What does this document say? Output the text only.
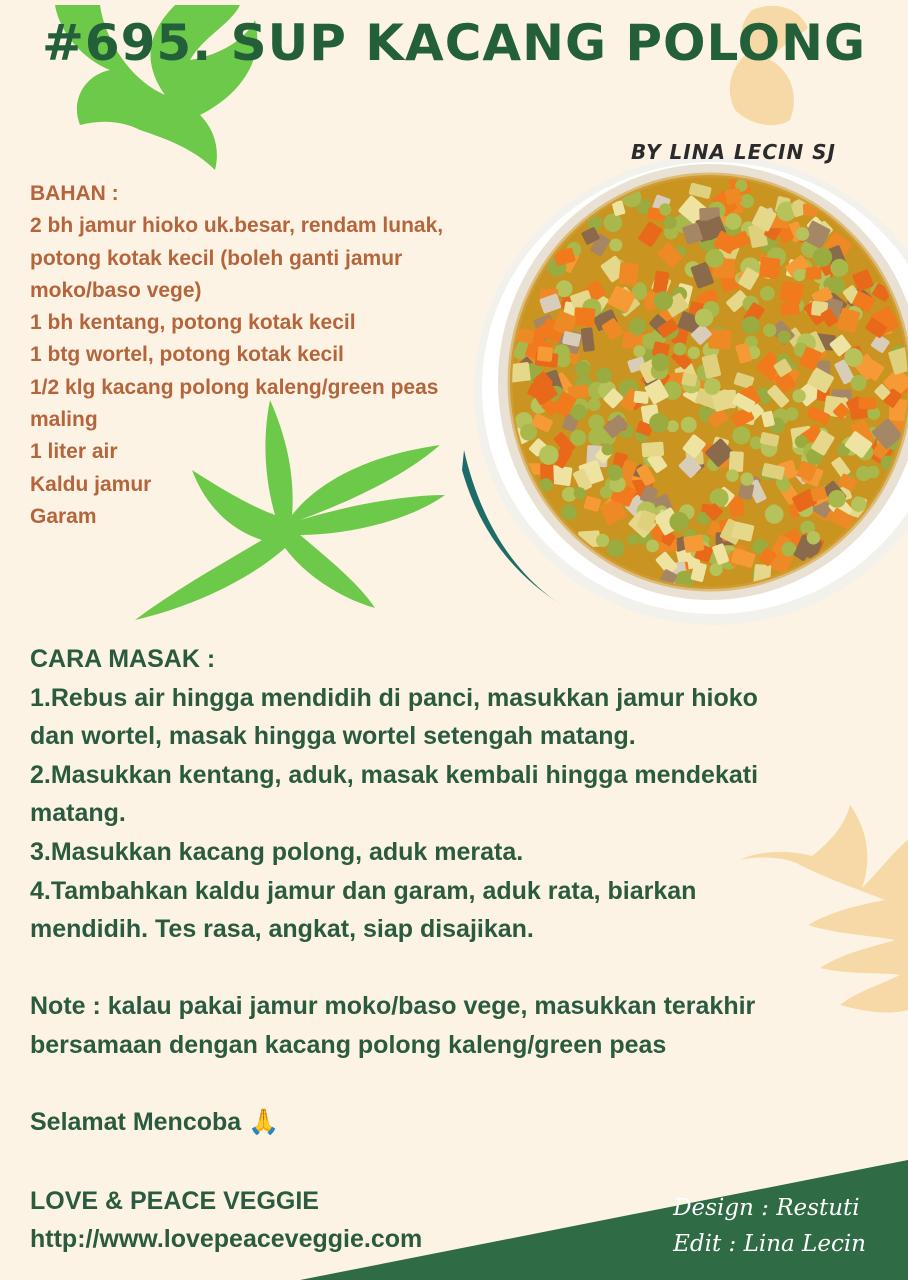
#695. SUP KACANG POLONG
BY LINA LECIN SJ
BAHAN :
2 bh jamur hioko uk.besar, rendam lunak,
potong kotak kecil (boleh ganti jamur
moko/baso vege)
1 bh kentang, potong kotak kecil
1 btg wortel, potong kotak kecil
1/2 klg kacang polong kaleng/green peas
maling
1 liter air
Kaldu jamur
Garam
CARA MASAK :
1.Rebus air hingga mendidih di panci, masukkan jamur hioko
dan wortel, masak hingga wortel setengah matang.
2.Masukkan kentang, aduk, masak kembali hingga mendekati
matang.
3.Masukkan kacang polong, aduk merata.
4.Tambahkan kaldu jamur dan garam, aduk rata, biarkan
mendidih. Tes rasa, angkat, siap disajikan.
Note : kalau pakai jamur moko/baso vege, masukkan terakhir
bersamaan dengan kacang polong kaleng/green peas
Selamat Mencoba 🙏
LOVE & PEACE VEGGIE
http://www.lovepeaceveggie.com
Design : Restuti
Edit : Lina Lecin
